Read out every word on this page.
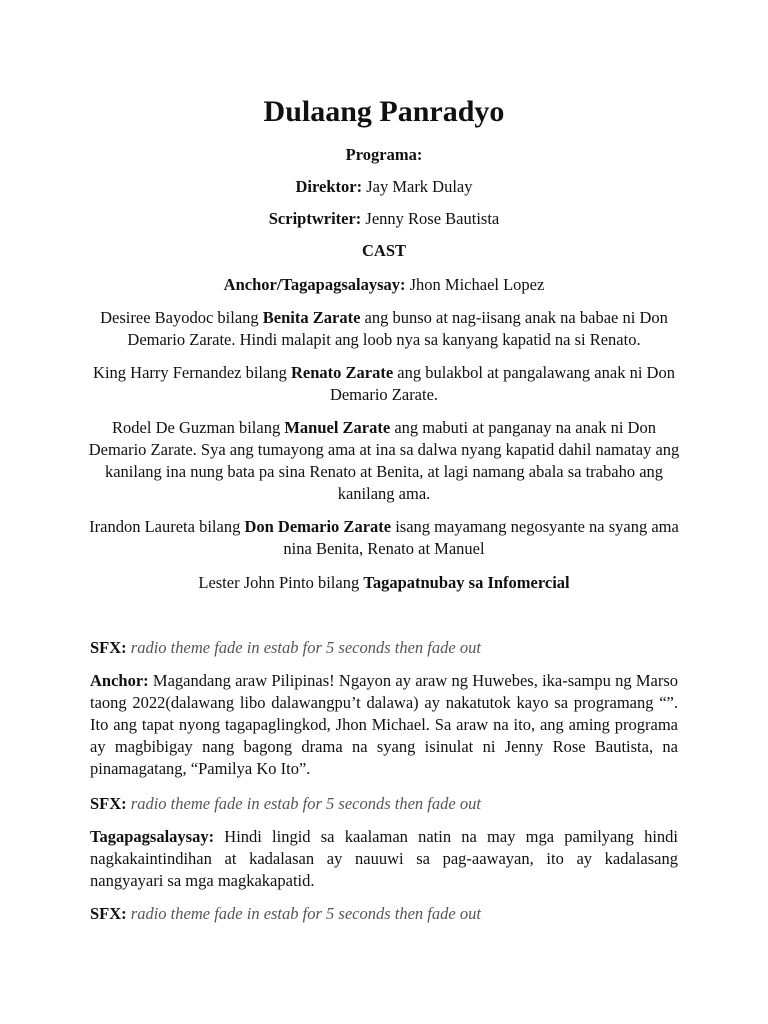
Dulaang Panradyo

Programa:

Direktor: Jay Mark Dulay

Scriptwriter: Jenny Rose Bautista

CAST

Anchor/Tagapagsalaysay: Jhon Michael Lopez

Desiree Bayodoc bilang Benita Zarate ang bunso at nag-iisang anak na babae ni Don Demario Zarate. Hindi malapit ang loob nya sa kanyang kapatid na si Renato.

King Harry Fernandez bilang Renato Zarate ang bulakbol at pangalawang anak ni Don Demario Zarate.

Rodel De Guzman bilang Manuel Zarate ang mabuti at panganay na anak ni Don Demario Zarate. Sya ang tumayong ama at ina sa dalwa nyang kapatid dahil namatay ang kanilang ina nung bata pa sina Renato at Benita, at lagi namang abala sa trabaho ang kanilang ama.

Irandon Laureta bilang Don Demario Zarate isang mayamang negosyante na syang ama nina Benita, Renato at Manuel

Lester John Pinto bilang Tagapatnubay sa Infomercial

SFX: radio theme fade in estab for 5 seconds then fade out

Anchor: Magandang araw Pilipinas! Ngayon ay araw ng Huwebes, ika-sampu ng Marso taong 2022(dalawang libo dalawangpu’t dalawa) ay nakatutok kayo sa programang “”. Ito ang tapat nyong tagapaglingkod, Jhon Michael. Sa araw na ito, ang aming programa ay magbibigay nang bagong drama na syang isinulat ni Jenny Rose Bautista, na pinamagatang, “Pamilya Ko Ito”.

SFX: radio theme fade in estab for 5 seconds then fade out

Tagapagsalaysay: Hindi lingid sa kaalaman natin na may mga pamilyang hindi nagkakaintindihan at kadalasan ay nauuwi sa pag-aawayan, ito ay kadalasang nangyayari sa mga magkakapatid.

SFX: radio theme fade in estab for 5 seconds then fade out
